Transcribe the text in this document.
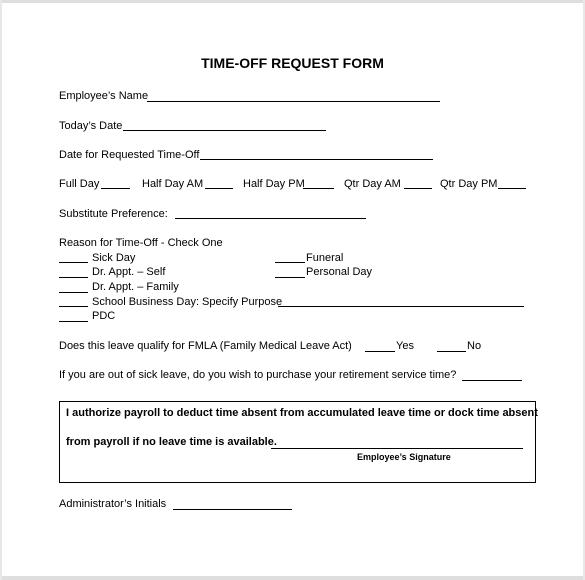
TIME-OFF REQUEST FORM
Employee’s Name
Today’s Date
Date for Requested Time-Off
Full Day	Half Day AM	Half Day PM	Qtr Day AM	Qtr Day PM
Substitute Preference:
Reason for Time-Off - Check One
Sick Day
Dr. Appt. – Self
Dr. Appt. – Family
School Business Day: Specify Purpose
PDC
Funeral
Personal Day
Does this leave qualify for FMLA (Family Medical Leave Act)	Yes	No
If you are out of sick leave, do you wish to purchase your retirement service time?
I authorize payroll to deduct time absent from accumulated leave time or dock time absent
from payroll if no leave time is available.
Employee’s Signature
Administrator’s Initials
